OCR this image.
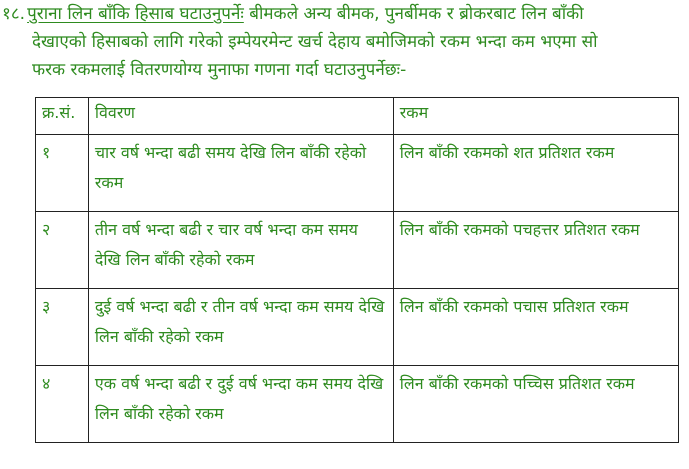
१८. पुराना लिन बाँकि हिसाब घटाउनुपर्नेः बीमकले अन्य बीमक, पुनर्बीमक र ब्रोकरबाट लिन बाँकी
देखाएको हिसाबको लागि गरेको इम्पेयरमेन्ट खर्च देहाय बमोजिमको रकम भन्दा कम भएमा सो
फरक रकमलाई वितरणयोग्य मुनाफा गणना गर्दा घटाउनुपर्नेछः-
क्र.सं.	विवरण	रकम
१	चार वर्ष भन्दा बढी समय देखि लिन बाँकी रहेको रकम	लिन बाँकी रकमको शत प्रतिशत रकम
२	तीन वर्ष भन्दा बढी र चार वर्ष भन्दा कम समय देखि लिन बाँकी रहेको रकम	लिन बाँकी रकमको पचहत्तर प्रतिशत रकम
३	दुई वर्ष भन्दा बढी र तीन वर्ष भन्दा कम समय देखि लिन बाँकी रहेको रकम	लिन बाँकी रकमको पचास प्रतिशत रकम
४	एक वर्ष भन्दा बढी र दुई वर्ष भन्दा कम समय देखि लिन बाँकी रहेको रकम	लिन बाँकी रकमको पच्चिस प्रतिशत रकम
